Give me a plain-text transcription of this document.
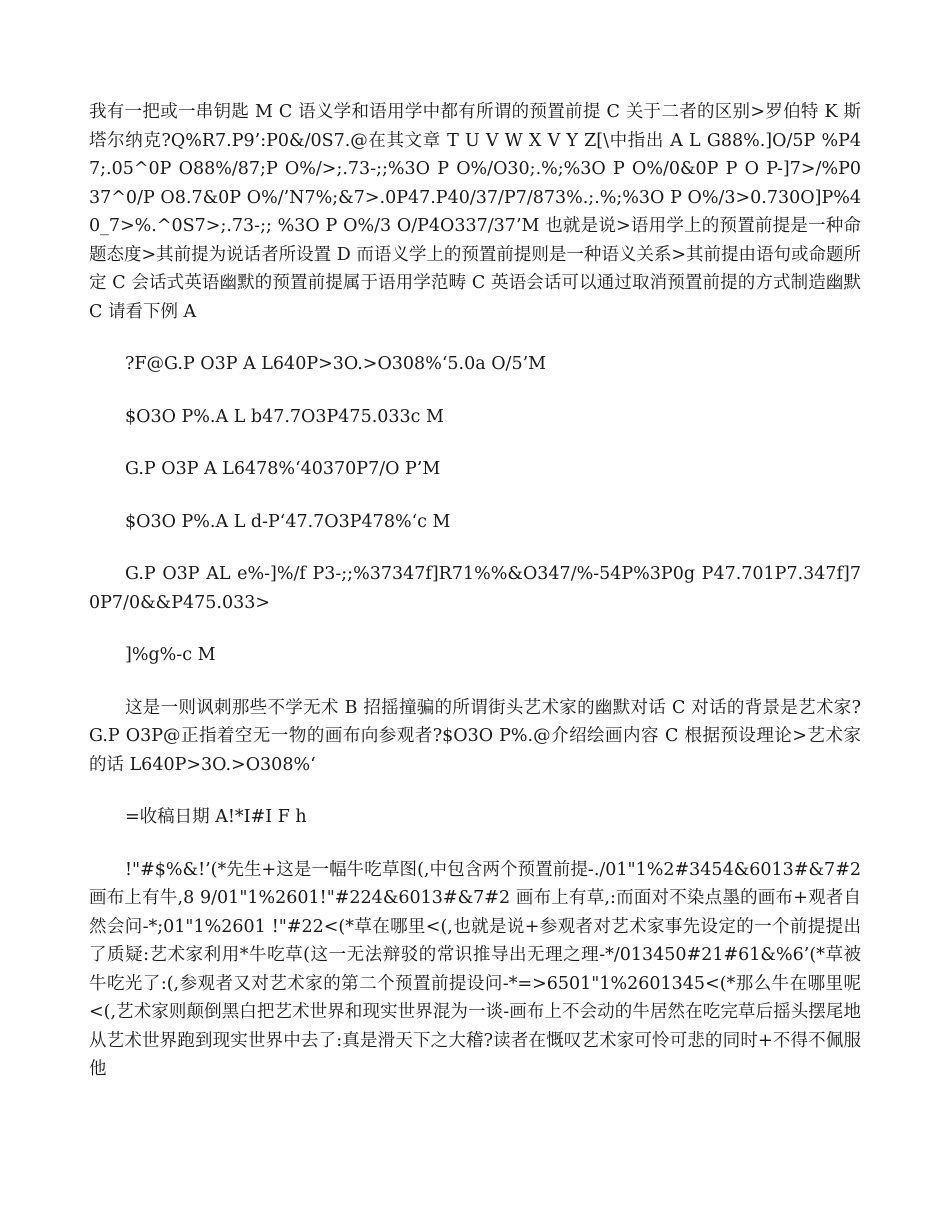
我有一把或一串钥匙 M C 语义学和语用学中都有所谓的预置前提 C 关于二者的区别>罗伯特 K 斯塔尔纳克?Q%R7.P9’:P0&/0S7.@在其文章 T U V W X V Y Z[\中指出 A L G88%.]O/5P %P47;.05^0P O88%/87;P O%/>;.73-;;%3O P O%/O30;.%;%3O P O%/0&0P P O P-]7>/%P0 37^0/P O8.7&0P O%/’N7%;&7>.0P47.P40/37/P7/873%.;.%;%3O P O%/3>0.730O]P%40_7>%.^0S7>;.73-;; %3O P O%/3 O/P4O337/37’M 也就是说>语用学上的预置前提是一种命题态度>其前提为说话者所设置 D 而语义学上的预置前提则是一种语义关系>其前提由语句或命题所定 C 会话式英语幽默的预置前提属于语用学范畴 C 英语会话可以通过取消预置前提的方式制造幽默 C 请看下例 A

?F@G.P O3P A L640P>3O.>O308%‘5.0a O/5’M

$O3O P%.A L b47.7O3P475.033c M

G.P O3P A L6478%‘40370P7/O P’M

$O3O P%.A L d-P‘47.7O3P478%‘c M

G.P O3P AL e%-]%/f P3-;;%37347f]R71%%&O347/%-54P%3P0g P47.701P7.347f]70P7/0&&P475.033>

]%g%-c M

这是一则讽刺那些不学无术 B 招摇撞骗的所谓街头艺术家的幽默对话 C 对话的背景是艺术家?G.P O3P@正指着空无一物的画布向参观者?$O3O P%.@介绍绘画内容 C 根据预设理论>艺术家的话 L640P>3O.>O308%‘

=收稿日期 A!*I#I F h

!"#$%&!’(*先生+这是一幅牛吃草图(,中包含两个预置前提-./01"1%2#3454&6013#&7#2 画布上有牛,8 9/01"1%2601!"#224&6013#&7#2 画布上有草,:而面对不染点墨的画布+观者自然会问-*;01"1%2601 !"#22<(*草在哪里<(,也就是说+参观者对艺术家事先设定的一个前提提出了质疑:艺术家利用*牛吃草(这一无法辩驳的常识推导出无理之理-*/013450#21#61&%6’(*草被牛吃光了:(,参观者又对艺术家的第二个预置前提设问-*=>6501"1%2601345<(*那么牛在哪里呢<(,艺术家则颠倒黑白把艺术世界和现实世界混为一谈-画布上不会动的牛居然在吃完草后摇头摆尾地从艺术世界跑到现实世界中去了:真是滑天下之大稽?读者在慨叹艺术家可怜可悲的同时+不得不佩服他
